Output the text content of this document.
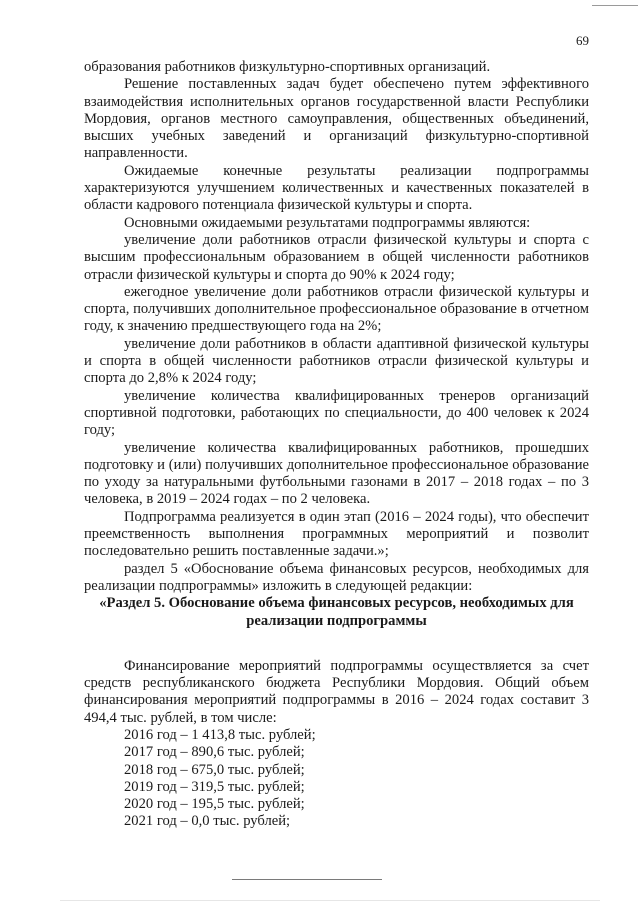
69

образования работников физкультурно-спортивных организаций.

Решение поставленных задач будет обеспечено путем эффективного взаимодействия исполнительных органов государственной власти Республики Мордовия, органов местного самоуправления, общественных объединений, высших учебных заведений и организаций физкультурно-спортивной направленности.

Ожидаемые конечные результаты реализации подпрограммы характеризуются улучшением количественных и качественных показателей в области кадрового потенциала физической культуры и спорта.

Основными ожидаемыми результатами подпрограммы являются:

увеличение доли работников отрасли физической культуры и спорта с высшим профессиональным образованием в общей численности работников отрасли физической культуры и спорта до 90% к 2024 году;

ежегодное увеличение доли работников отрасли физической культуры и спорта, получивших дополнительное профессиональное образование в отчетном году, к значению предшествующего года на 2%;

увеличение доли работников в области адаптивной физической культуры и спорта в общей численности работников отрасли физической культуры и спорта до 2,8% к 2024 году;

увеличение количества квалифицированных тренеров организаций спортивной подготовки, работающих по специальности, до 400 человек к 2024 году;

увеличение количества квалифицированных работников, прошедших подготовку и (или) получивших дополнительное профессиональное образование по уходу за натуральными футбольными газонами в 2017 – 2018 годах – по 3 человека, в 2019 – 2024 годах – по 2 человека.

Подпрограмма реализуется в один этап (2016 – 2024 годы), что обеспечит преемственность выполнения программных мероприятий и позволит последовательно решить поставленные задачи.»;

раздел 5 «Обоснование объема финансовых ресурсов, необходимых для реализации подпрограммы» изложить в следующей редакции:

«Раздел 5. Обоснование объема финансовых ресурсов, необходимых для реализации подпрограммы

Финансирование мероприятий подпрограммы осуществляется за счет средств республиканского бюджета Республики Мордовия. Общий объем финансирования мероприятий подпрограммы в 2016 – 2024 годах составит 3 494,4 тыс. рублей, в том числе:

2016 год – 1 413,8 тыс. рублей;

2017 год – 890,6 тыс. рублей;

2018 год – 675,0 тыс. рублей;

2019 год – 319,5 тыс. рублей;

2020 год – 195,5 тыс. рублей;

2021 год – 0,0 тыс. рублей;
